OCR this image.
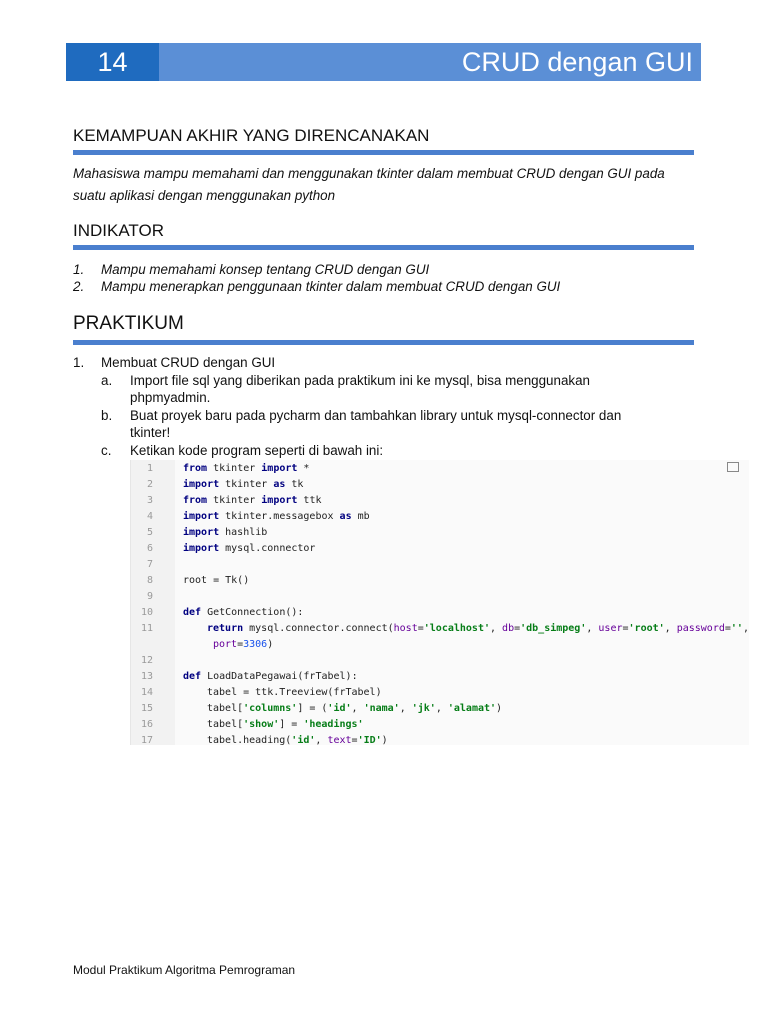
14	CRUD dengan GUI
KEMAMPUAN AKHIR YANG DIRENCANAKAN
Mahasiswa mampu memahami dan menggunakan tkinter dalam membuat CRUD dengan GUI pada
suatu aplikasi dengan menggunakan python
INDIKATOR
1.	Mampu memahami konsep tentang CRUD dengan GUI
2.	Mampu menerapkan penggunaan tkinter dalam membuat CRUD dengan GUI
PRAKTIKUM
1.	Membuat CRUD dengan GUI
a.	Import file sql yang diberikan pada praktikum ini ke mysql, bisa menggunakan
phpmyadmin.
b.	Buat proyek baru pada pycharm dan tambahkan library untuk mysql-connector dan
tkinter!
c.	Ketikan kode program seperti di bawah ini:
1	from tkinter import *
2	import tkinter as tk
3	from tkinter import ttk
4	import tkinter.messagebox as mb
5	import hashlib
6	import mysql.connector
7
8	root = Tk()
9
10	def GetConnection():
11	return mysql.connector.connect(host='localhost', db='db_simpeg', user='root', password='',
port=3306)
12
13	def LoadDataPegawai(frTabel):
14	tabel = ttk.Treeview(frTabel)
15	tabel['columns'] = ('id', 'nama', 'jk', 'alamat')
16	tabel['show'] = 'headings'
17	tabel.heading('id', text='ID')
Modul Praktikum Algoritma Pemrograman
